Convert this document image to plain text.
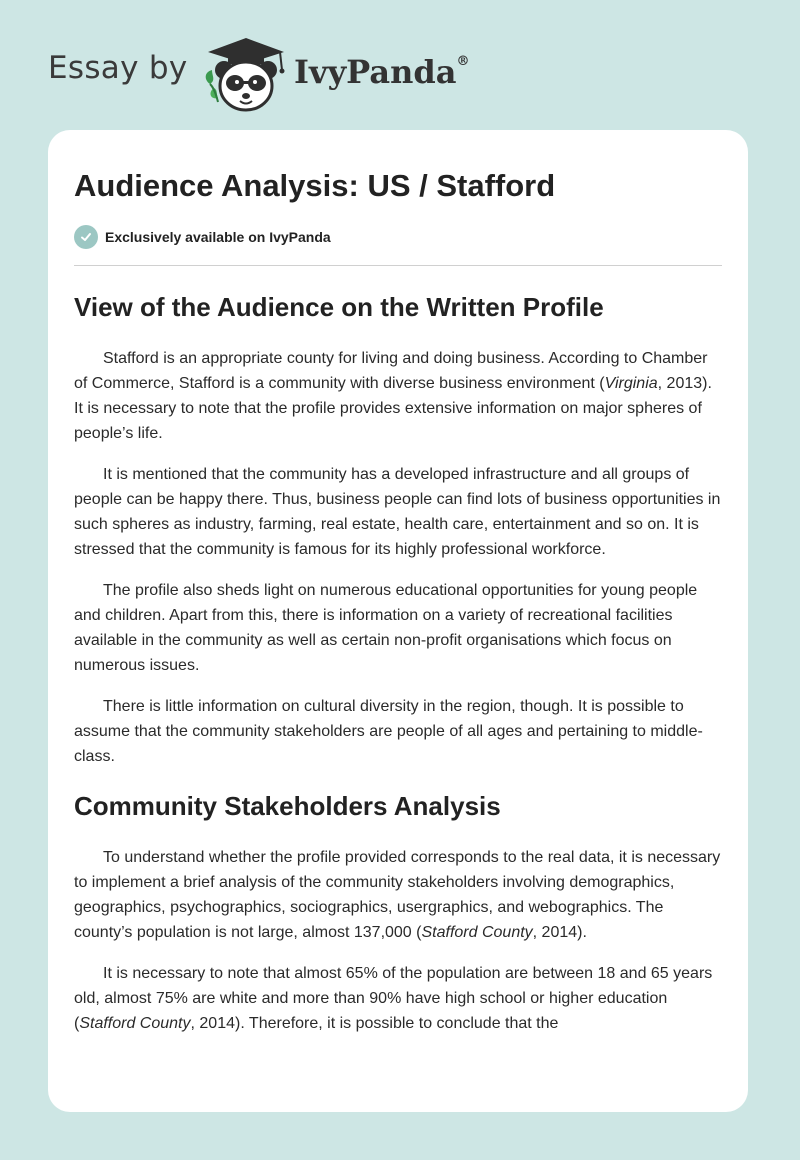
Essay by	IvyPanda®
Audience Analysis: US / Stafford
Exclusively available on IvyPanda
View of the Audience on the Written Profile

Stafford is an appropriate county for living and doing business. According to Chamber of Commerce, Stafford is a community with diverse business environment (Virginia, 2013). It is necessary to note that the profile provides extensive information on major spheres of people’s life.

It is mentioned that the community has a developed infrastructure and all groups of people can be happy there. Thus, business people can find lots of business opportunities in such spheres as industry, farming, real estate, health care, entertainment and so on. It is stressed that the community is famous for its highly professional workforce.

The profile also sheds light on numerous educational opportunities for young people and children. Apart from this, there is information on a variety of recreational facilities available in the community as well as certain non-profit organisations which focus on numerous issues.

There is little information on cultural diversity in the region, though. It is possible to assume that the community stakeholders are people of all ages and pertaining to middle-class.

Community Stakeholders Analysis

To understand whether the profile provided corresponds to the real data, it is necessary to implement a brief analysis of the community stakeholders involving demographics, geographics, psychographics, sociographics, usergraphics, and webographics. The county’s population is not large, almost 137,000 (Stafford County, 2014).

It is necessary to note that almost 65% of the population are between 18 and 65 years old, almost 75% are white and more than 90% have high school or higher education (Stafford County, 2014). Therefore, it is possible to conclude that the
